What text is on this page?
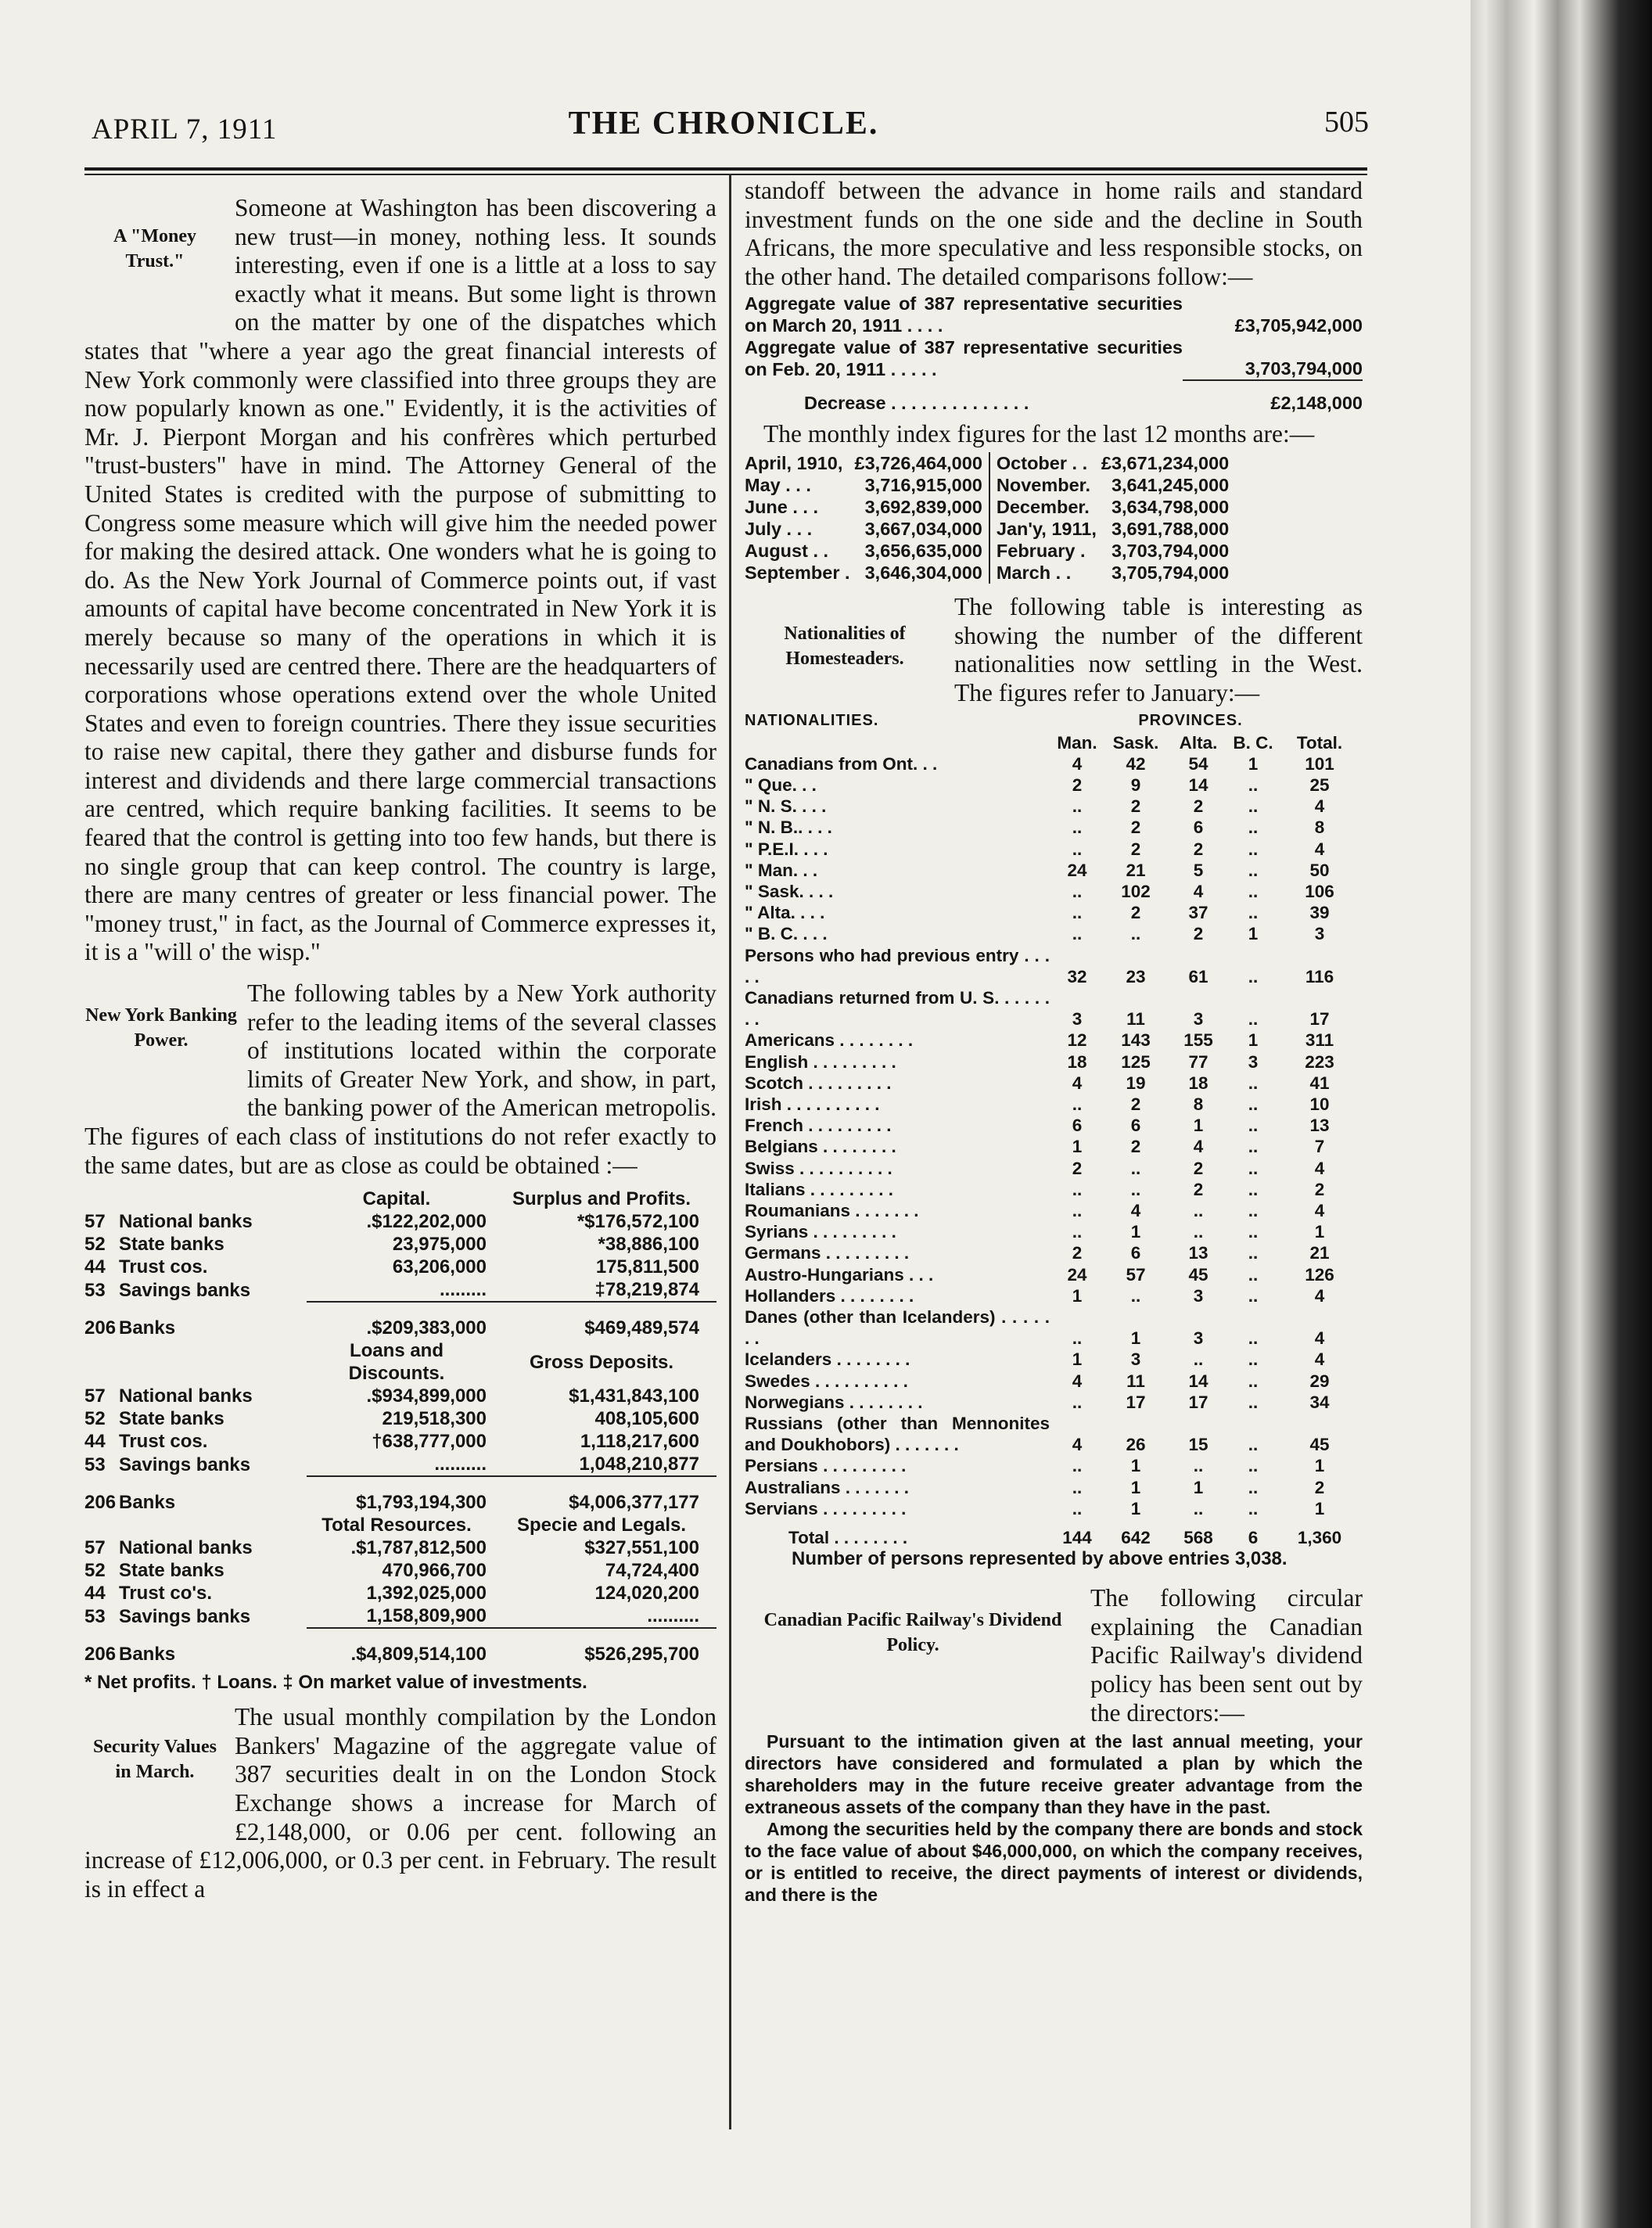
APRIL 7, 1911	THE CHRONICLE.	505
A "Money Trust."

Someone at Washington has been discovering a new trust—in money, nothing less. It sounds interesting, even if one is a little at a loss to say exactly what it means. But some light is thrown on the matter by one of the dispatches which states that "where a year ago the great financial interests of New York commonly were classified into three groups they are now popularly known as one." Evidently, it is the activities of Mr. J. Pierpont Morgan and his confrères which perturbed "trust-busters" have in mind. The Attorney General of the United States is credited with the purpose of submitting to Congress some measure which will give him the needed power for making the desired attack. One wonders what he is going to do. As the New York Journal of Commerce points out, if vast amounts of capital have become concentrated in New York it is merely because so many of the operations in which it is necessarily used are centred there. There are the headquarters of corporations whose operations extend over the whole United States and even to foreign countries. There they issue securities to raise new capital, there they gather and disburse funds for interest and dividends and there large commercial transactions are centred, which require banking facilities. It seems to be feared that the control is getting into too few hands, but there is no single group that can keep control. The country is large, there are many centres of greater or less financial power. The "money trust," in fact, as the Journal of Commerce expresses it, it is a "will o' the wisp."

New York Banking Power.

The following tables by a New York authority refer to the leading items of the several classes of institutions located within the corporate limits of Greater New York, and show, in part, the banking power of the American metropolis. The figures of each class of institutions do not refer exactly to the same dates, but are as close as could be obtained :—

		Capital.	Surplus and Profits.
57	National banks	.$122,202,000	*$176,572,100
52	State banks	23,975,000	*38,886,100
44	Trust cos.	63,206,000	175,811,500
53	Savings banks	.........	‡78,219,874
206	Banks	.$209,383,000	$469,489,574
		Loans and Discounts.	Gross Deposits.
57	National banks	.$934,899,000	$1,431,843,100
52	State banks	219,518,300	408,105,600
44	Trust cos.	†638,777,000	1,118,217,600
53	Savings banks	..........	1,048,210,877
206	Banks	$1,793,194,300	$4,006,377,177
		Total Resources.	Specie and Legals.
57	National banks	.$1,787,812,500	$327,551,100
52	State banks	470,966,700	74,724,400
44	Trust co's.	1,392,025,000	124,020,200
53	Savings banks	1,158,809,900	..........
206	Banks	.$4,809,514,100	$526,295,700

* Net profits. † Loans. ‡ On market value of investments.

Security Values in March.

The usual monthly compilation by the London Bankers' Magazine of the aggregate value of 387 securities dealt in on the London Stock Exchange shows a increase for March of £2,148,000, or 0.06 per cent. following an increase of £12,006,000, or 0.3 per cent. in February. The result is in effect a

standoff between the advance in home rails and standard investment funds on the one side and the decline in South Africans, the more speculative and less responsible stocks, on the other hand. The detailed comparisons follow:—

Aggregate value of 387 representative securities on March 20, 1911 . . . .	£3,705,942,000
Aggregate value of 387 representative securities on Feb. 20, 1911 . . . . .	3,703,794,000
Decrease . . . . . . . . . . . . . .	£2,148,000

The monthly index figures for the last 12 months are:—

April, 1910,	£3,726,464,000	October . .	£3,671,234,000
May . . .	3,716,915,000	November.	3,641,245,000
June . . .	3,692,839,000	December.	3,634,798,000
July . . .	3,667,034,000	Jan'y, 1911,	3,691,788,000
August . .	3,656,635,000	February .	3,703,794,000
September .	3,646,304,000	March . .	3,705,794,000
Nationalities of Homesteaders.

The following table is interesting as showing the number of the different nationalities now settling in the West. The figures refer to January:—

NATIONALITIES.		PROVINCES.			
	Man.	Sask.	Alta.	B. C.	Total.
Canadians from Ont. . .	4	42	54	1	101
" Que. . .	2	9	14	..	25
" N. S. . . .	..	2	2	..	4
" N. B.. . . .	..	2	6	..	8
" P.E.I. . . .	..	2	2	..	4
" Man. . .	24	21	5	..	50
" Sask. . . .	..	102	4	..	106
" Alta. . . .	..	2	37	..	39
" B. C. . . .	..	..	2	1	3
Persons who had previous entry . . . . .	32	23	61	..	116
Canadians returned from U. S. . . . . . . .	3	11	3	..	17
Americans . . . . . . . .	12	143	155	1	311
English . . . . . . . . .	18	125	77	3	223
Scotch . . . . . . . . .	4	19	18	..	41
Irish . . . . . . . . . .	..	2	8	..	10
French . . . . . . . . .	6	6	1	..	13
Belgians . . . . . . . .	1	2	4	..	7
Swiss . . . . . . . . . .	2	..	2	..	4
Italians . . . . . . . . .	..	..	2	..	2
Roumanians . . . . . . .	..	4	..	..	4
Syrians . . . . . . . . .	..	1	..	..	1
Germans . . . . . . . . .	2	6	13	..	21
Austro-Hungarians . . .	24	57	45	..	126
Hollanders . . . . . . . .	1	..	3	..	4
Danes (other than Icelanders) . . . . . . .	..	1	3	..	4
Icelanders . . . . . . . .	1	3	..	..	4
Swedes . . . . . . . . . .	4	11	14	..	29
Norwegians . . . . . . . .	..	17	17	..	34
Russians (other than Mennonites and Doukhobors) . . . . . . .	4	26	15	..	45
Persians . . . . . . . . .	..	1	..	..	1
Australians . . . . . . .	..	1	1	..	2
Servians . . . . . . . . .	..	1	..	..	1
Total . . . . . . . .	144	642	568	6	1,360

Number of persons represented by above entries 3,038.

Canadian Pacific Railway's Dividend Policy.

The following circular explaining the Canadian Pacific Railway's dividend policy has been sent out by the directors:—

Pursuant to the intimation given at the last annual meeting, your directors have considered and formulated a plan by which the shareholders may in the future receive greater advantage from the extraneous assets of the company than they have in the past.

Among the securities held by the company there are bonds and stock to the face value of about $46,000,000, on which the company receives, or is entitled to receive, the direct payments of interest or dividends, and there is the
